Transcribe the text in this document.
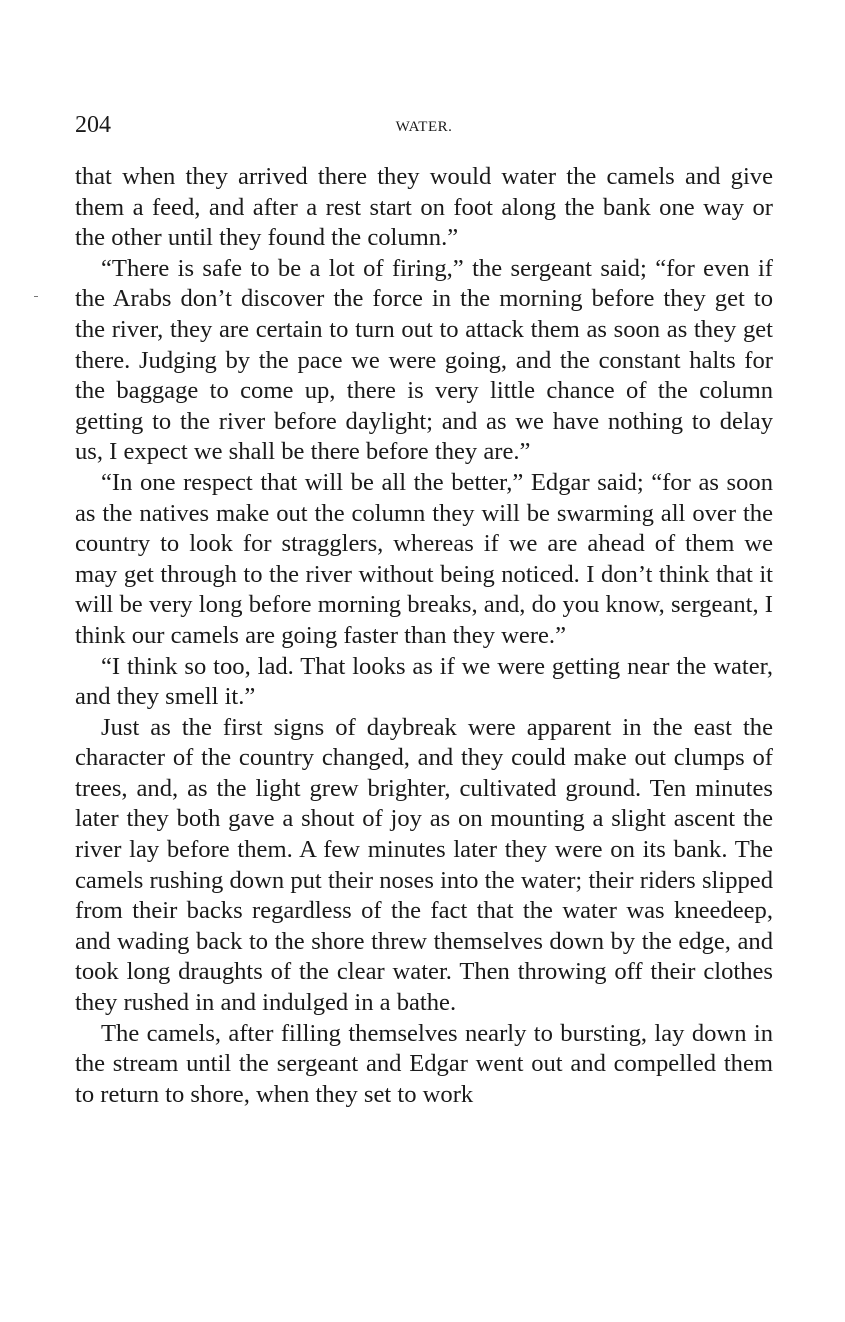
204	WATER.

that when they arrived there they would water the camels and give them a feed, and after a rest start on foot along the bank one way or the other until they found the column.”

“There is safe to be a lot of firing,” the sergeant said; “for even if the Arabs don’t discover the force in the morning before they get to the river, they are certain to turn out to attack them as soon as they get there. Judging by the pace we were going, and the constant halts for the baggage to come up, there is very little chance of the column getting to the river before daylight; and as we have nothing to delay us, I expect we shall be there before they are.”

“In one respect that will be all the better,” Edgar said; “for as soon as the natives make out the column they will be swarming all over the country to look for stragglers, whereas if we are ahead of them we may get through to the river without being noticed. I don’t think that it will be very long before morning breaks, and, do you know, sergeant, I think our camels are going faster than they were.”

“I think so too, lad. That looks as if we were getting near the water, and they smell it.”

Just as the first signs of daybreak were apparent in the east the character of the country changed, and they could make out clumps of trees, and, as the light grew brighter, cultivated ground. Ten minutes later they both gave a shout of joy as on mounting a slight ascent the river lay before them. A few minutes later they were on its bank. The camels rushing down put their noses into the water; their riders slipped from their backs regardless of the fact that the water was kneedeep, and wading back to the shore threw themselves down by the edge, and took long draughts of the clear water. Then throwing off their clothes they rushed in and indulged in a bathe.

The camels, after filling themselves nearly to bursting, lay down in the stream until the sergeant and Edgar went out and compelled them to return to shore, when they set to work
